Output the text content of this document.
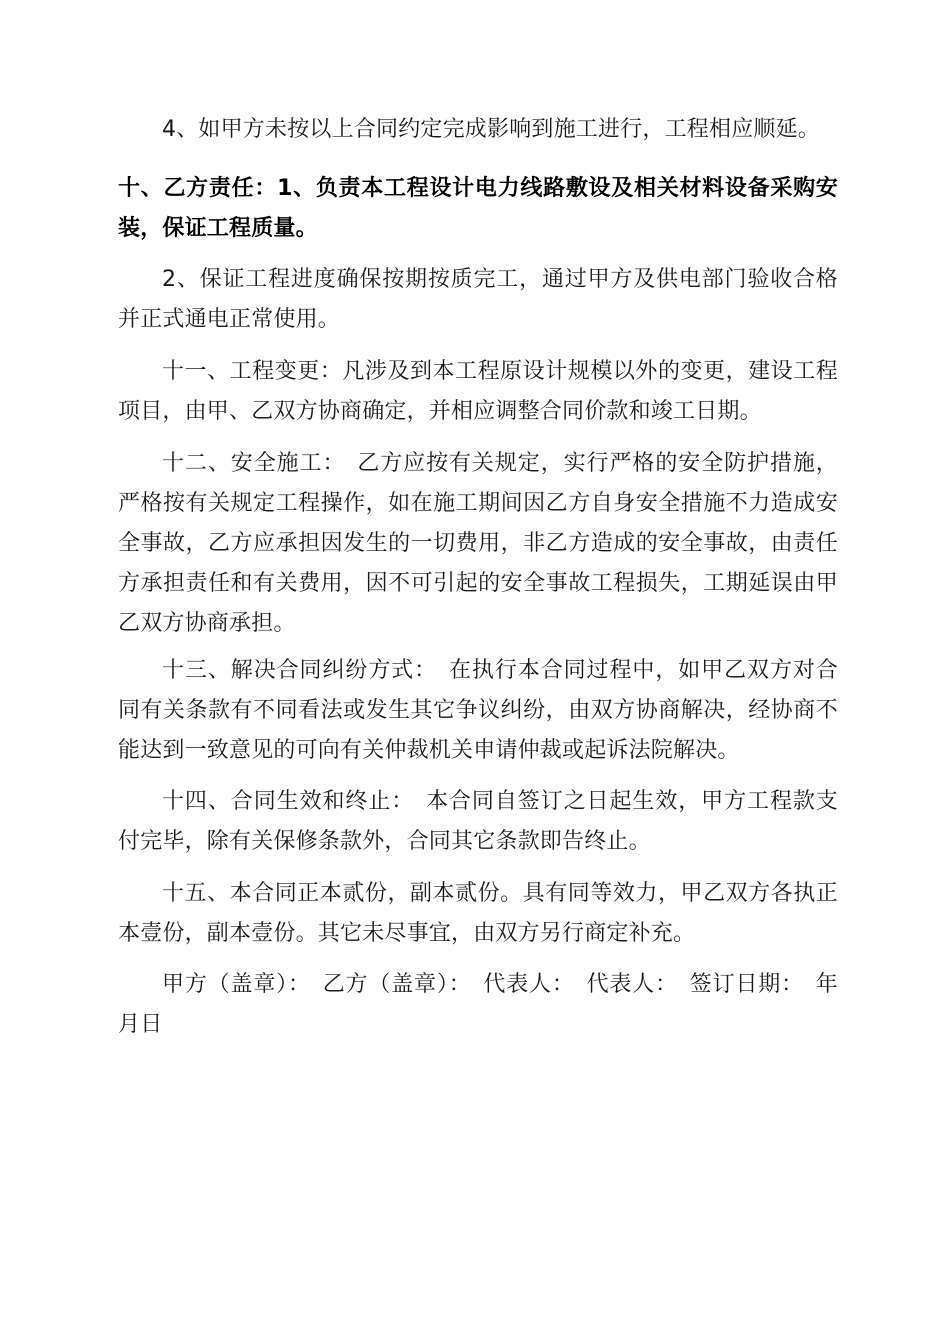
4、如甲方未按以上合同约定完成影响到施工进行，工程相应顺延。

十、乙方责任：1、负责本工程设计电力线路敷设及相关材料设备采购安装，保证工程质量。

2、保证工程进度确保按期按质完工，通过甲方及供电部门验收合格并正式通电正常使用。

十一、工程变更：凡涉及到本工程原设计规模以外的变更，建设工程项目，由甲、乙双方协商确定，并相应调整合同价款和竣工日期。

十二、安全施工：　乙方应按有关规定，实行严格的安全防护措施，严格按有关规定工程操作，如在施工期间因乙方自身安全措施不力造成安全事故，乙方应承担因发生的一切费用，非乙方造成的安全事故，由责任方承担责任和有关费用，因不可引起的安全事故工程损失，工期延误由甲乙双方协商承担。

十三、解决合同纠纷方式：　在执行本合同过程中，如甲乙双方对合同有关条款有不同看法或发生其它争议纠纷，由双方协商解决，经协商不能达到一致意见的可向有关仲裁机关申请仲裁或起诉法院解决。

十四、合同生效和终止：　本合同自签订之日起生效，甲方工程款支付完毕，除有关保修条款外，合同其它条款即告终止。

十五、本合同正本贰份，副本贰份。具有同等效力，甲乙双方各执正本壹份，副本壹份。其它未尽事宜，由双方另行商定补充。

甲方（盖章）：　乙方（盖章）：　代表人：　代表人：　签订日期：　年月日
